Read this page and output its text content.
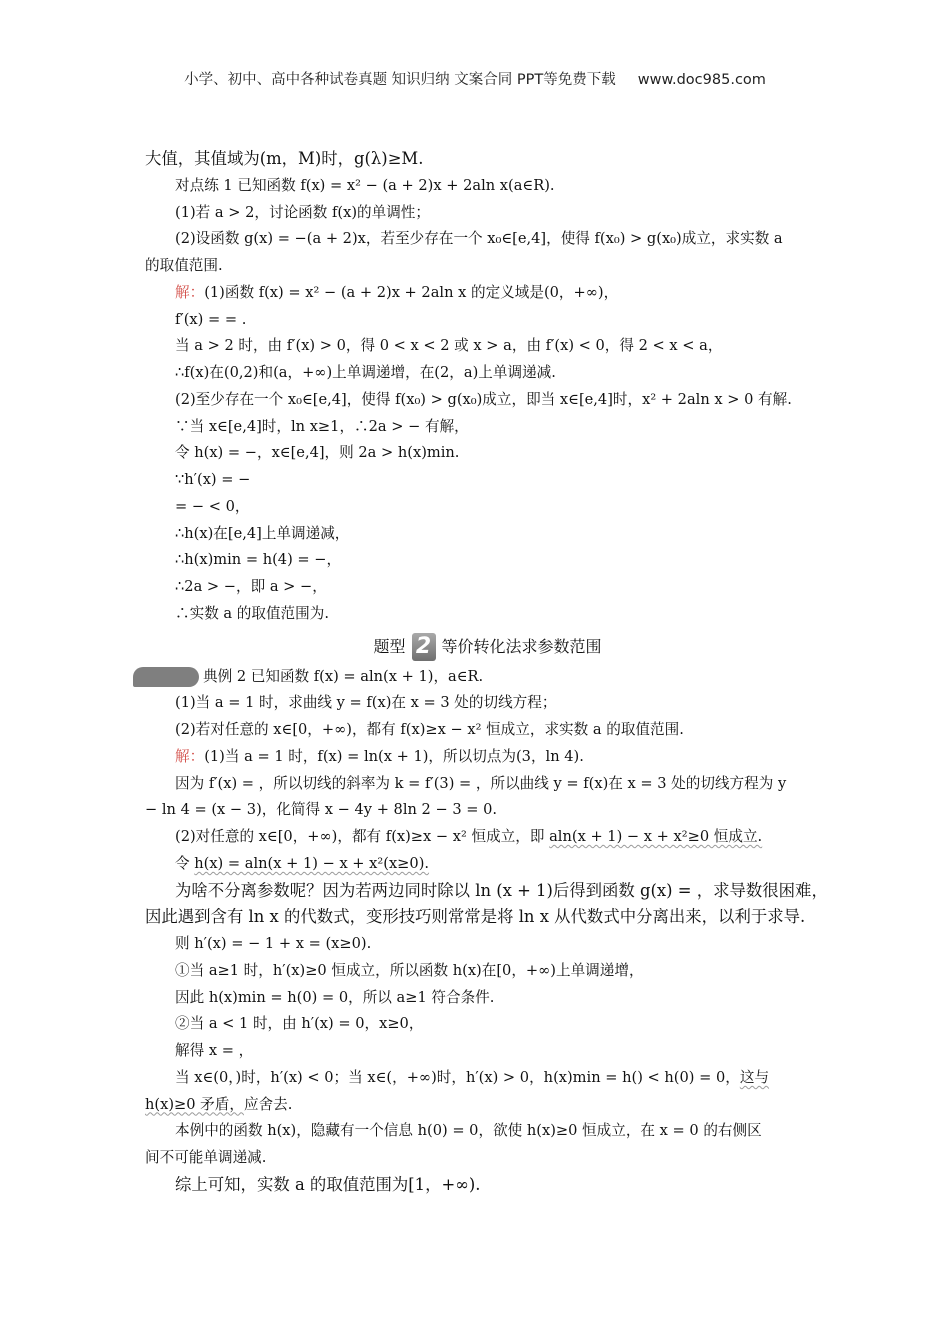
小学、初中、高中各种试卷真题 知识归纳 文案合同 PPT等免费下载 www.doc985.com
大值，其值域为(m，M)时，g(λ)≥M.
对点练 1 已知函数 f(x) = x² − (a + 2)x + 2aln x(a∈R).
(1)若 a > 2，讨论函数 f(x)的单调性；
(2)设函数 g(x) = −(a + 2)x，若至少存在一个 x₀∈[e,4]，使得 f(x₀) > g(x₀)成立，求实数 a
的取值范围.
解：(1)函数 f(x) = x² − (a + 2)x + 2aln x 的定义域是(0，+∞)，
f′(x) = = .
当 a > 2 时，由 f′(x) > 0，得 0 < x < 2 或 x > a，由 f′(x) < 0，得 2 < x < a，
∴f(x)在(0,2)和(a，+∞)上单调递增，在(2，a)上单调递减.
(2)至少存在一个 x₀∈[e,4]，使得 f(x₀) > g(x₀)成立，即当 x∈[e,4]时，x² + 2aln x > 0 有解.
∵当 x∈[e,4]时，ln x≥1，∴2a > − 有解，
令 h(x) = −，x∈[e,4]，则 2a > h(x)min.
∵h′(x) = −
= − < 0，
∴h(x)在[e,4]上单调递减，
∴h(x)min = h(4) = −，
∴2a > −，即 a > −，
∴实数 a 的取值范围为.
题型 2 等价转化法求参数范围
典例 2 已知函数 f(x) = aln(x + 1)，a∈R.
(1)当 a = 1 时，求曲线 y = f(x)在 x = 3 处的切线方程；
(2)若对任意的 x∈[0，+∞)，都有 f(x)≥x − x² 恒成立，求实数 a 的取值范围.
解：(1)当 a = 1 时，f(x) = ln(x + 1)，所以切点为(3，ln 4).
因为 f′(x) = ，所以切线的斜率为 k = f′(3) = ，所以曲线 y = f(x)在 x = 3 处的切线方程为 y
− ln 4 = (x − 3)，化简得 x − 4y + 8ln 2 − 3 = 0.
(2)对任意的 x∈[0，+∞)，都有 f(x)≥x − x² 恒成立，即 aln(x + 1) − x + x²≥0 恒成立.
令 h(x) = aln(x + 1) − x + x²(x≥0).
为啥不分离参数呢？因为若两边同时除以 ln (x + 1)后得到函数 g(x) = ，求导数很困难，
因此遇到含有 ln x 的代数式，变形技巧则常常是将 ln x 从代数式中分离出来，以利于求导.
则 h′(x) = − 1 + x = (x≥0).
①当 a≥1 时，h′(x)≥0 恒成立，所以函数 h(x)在[0，+∞)上单调递增，
因此 h(x)min = h(0) = 0，所以 a≥1 符合条件.
②当 a < 1 时，由 h′(x) = 0，x≥0，
解得 x = ，
当 x∈(0，)时，h′(x) < 0；当 x∈(，+∞)时，h′(x) > 0，h(x)min = h() < h(0) = 0，这与
h(x)≥0 矛盾，应舍去.
本例中的函数 h(x)，隐藏有一个信息 h(0) = 0，欲使 h(x)≥0 恒成立，在 x = 0 的右侧区
间不可能单调递减.
综上可知，实数 a 的取值范围为[1，+∞).
